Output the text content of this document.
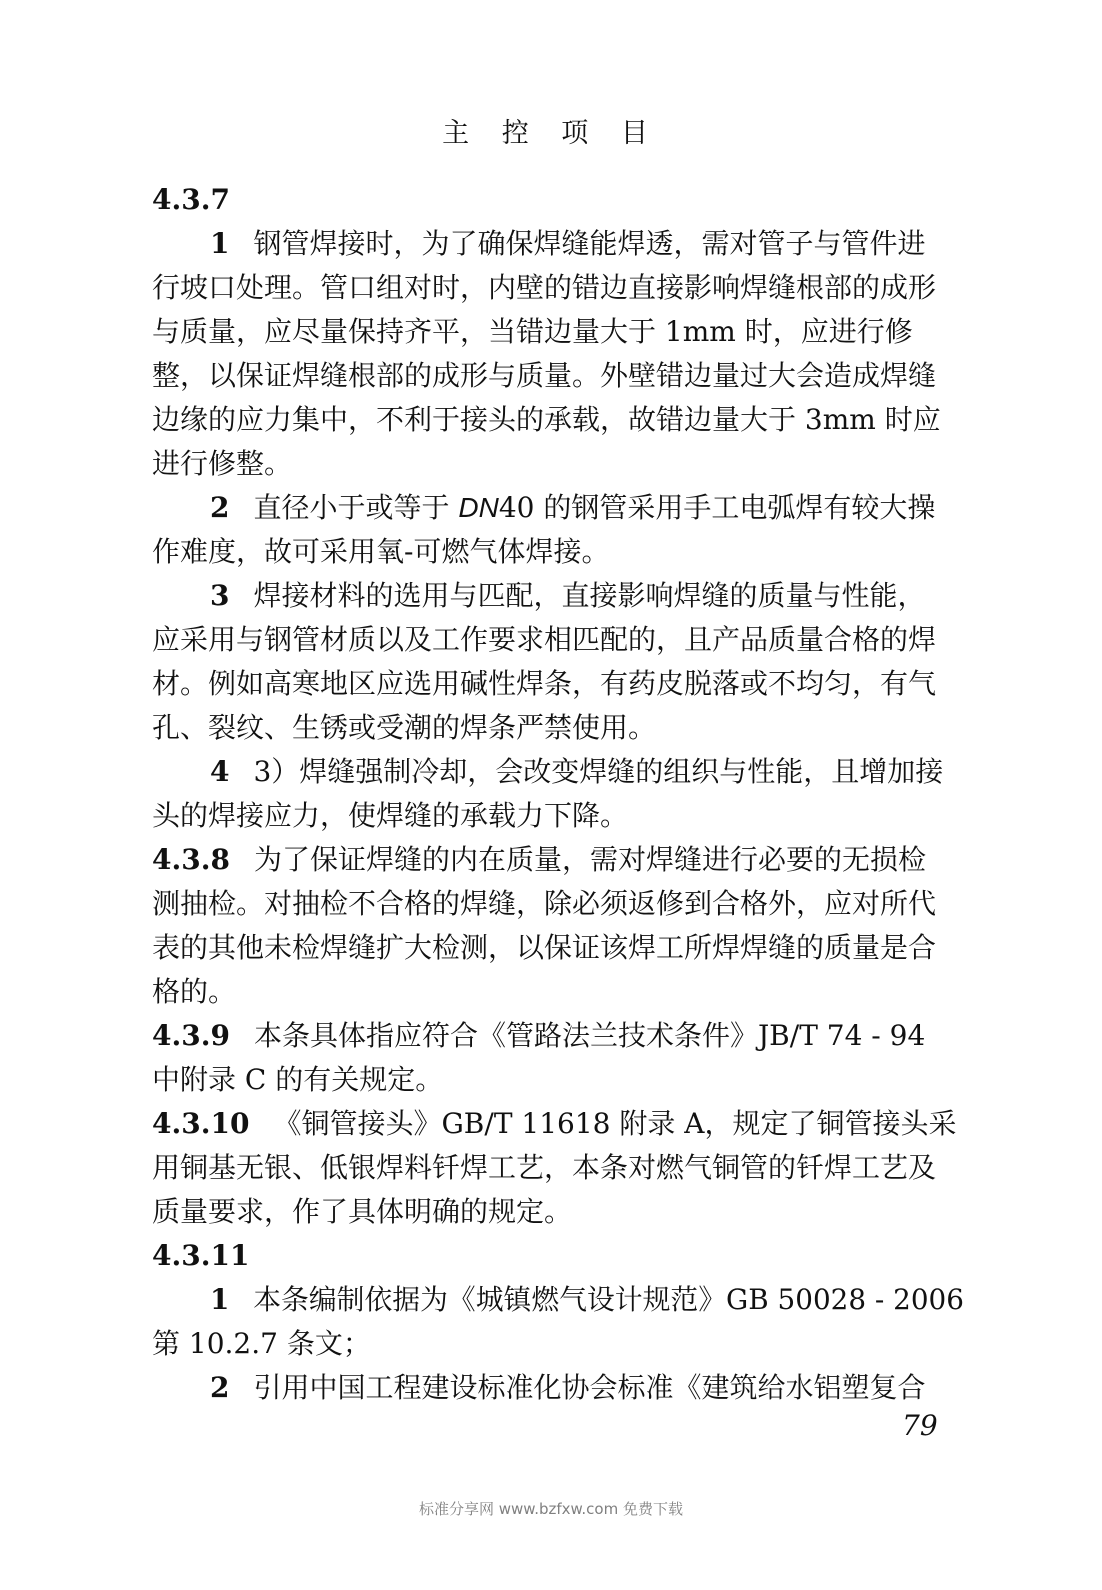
主 控 项 目
4.3.7
1 钢管焊接时，为了确保焊缝能焊透，需对管子与管件进
行坡口处理。管口组对时，内壁的错边直接影响焊缝根部的成形
与质量，应尽量保持齐平，当错边量大于 1mm 时，应进行修
整，以保证焊缝根部的成形与质量。外壁错边量过大会造成焊缝
边缘的应力集中，不利于接头的承载，故错边量大于 3mm 时应
进行修整。
2 直径小于或等于 DN40 的钢管采用手工电弧焊有较大操
作难度，故可采用氧-可燃气体焊接。
3 焊接材料的选用与匹配，直接影响焊缝的质量与性能，
应采用与钢管材质以及工作要求相匹配的，且产品质量合格的焊
材。例如高寒地区应选用碱性焊条，有药皮脱落或不均匀，有气
孔、裂纹、生锈或受潮的焊条严禁使用。
4 3）焊缝强制冷却，会改变焊缝的组织与性能，且增加接
头的焊接应力，使焊缝的承载力下降。
4.3.8 为了保证焊缝的内在质量，需对焊缝进行必要的无损检
测抽检。对抽检不合格的焊缝，除必须返修到合格外，应对所代
表的其他未检焊缝扩大检测，以保证该焊工所焊焊缝的质量是合
格的。
4.3.9 本条具体指应符合《管路法兰技术条件》JB/T 74 - 94
中附录 C 的有关规定。
4.3.10 《铜管接头》GB/T 11618 附录 A，规定了铜管接头采
用铜基无银、低银焊料钎焊工艺，本条对燃气铜管的钎焊工艺及
质量要求，作了具体明确的规定。
4.3.11
1 本条编制依据为《城镇燃气设计规范》GB 50028 - 2006
第 10.2.7 条文；
2 引用中国工程建设标准化协会标准《建筑给水铝塑复合
79
标准分享网 www.bzfxw.com 免费下载
